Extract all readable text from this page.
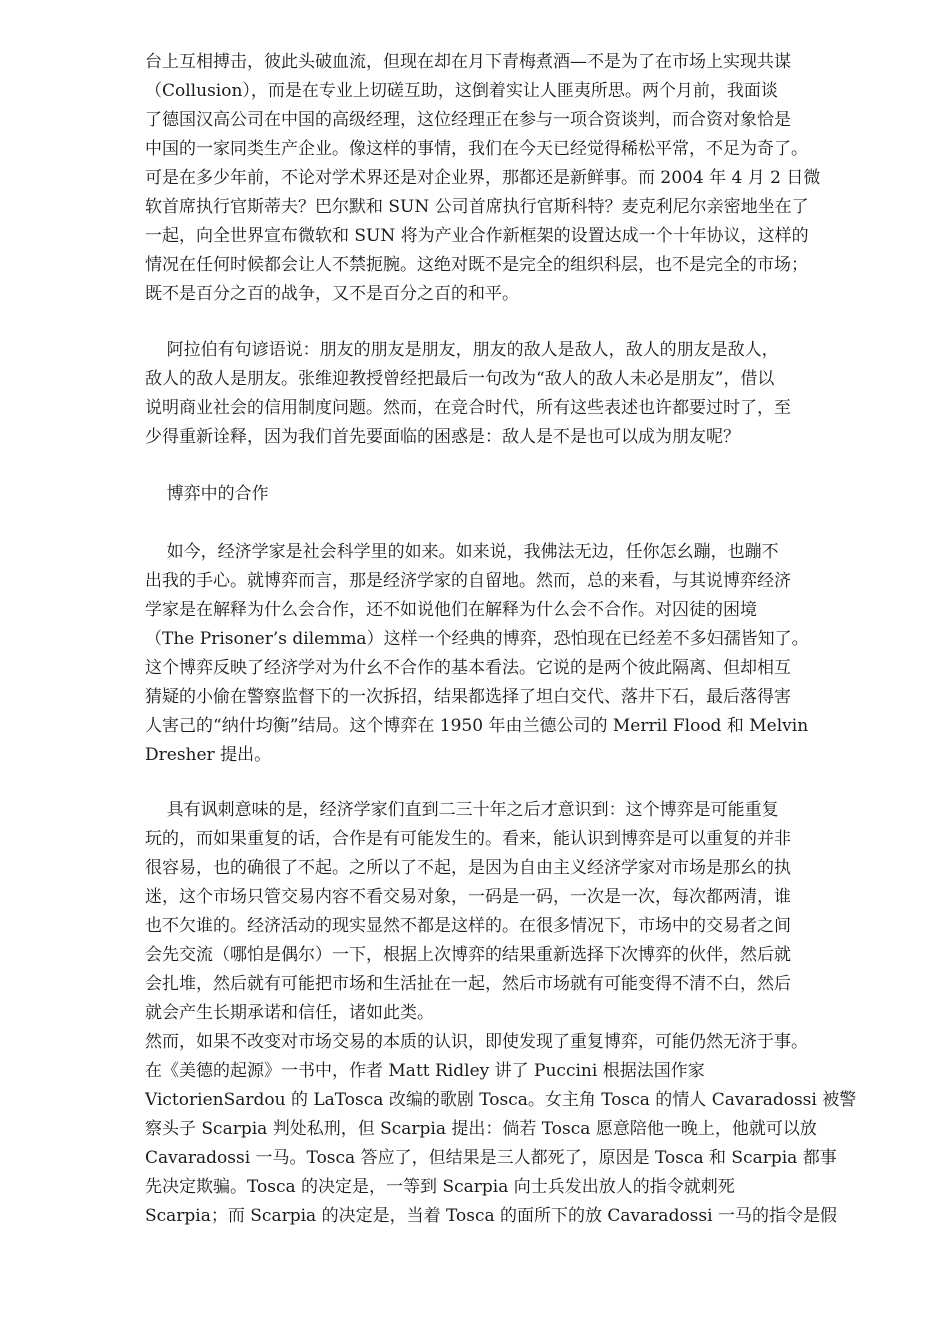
台上互相搏击，彼此头破血流，但现在却在月下青梅煮酒—不是为了在市场上实现共谋
（Collusion），而是在专业上切磋互助，这倒着实让人匪夷所思。两个月前，我面谈
了德国汉高公司在中国的高级经理，这位经理正在参与一项合资谈判，而合资对象恰是
中国的一家同类生产企业。像这样的事情，我们在今天已经觉得稀松平常，不足为奇了。
可是在多少年前，不论对学术界还是对企业界，那都还是新鲜事。而 2004 年 4 月 2 日微
软首席执行官斯蒂夫？巴尔默和 SUN 公司首席执行官斯科特？麦克利尼尔亲密地坐在了
一起，向全世界宣布微软和 SUN 将为产业合作新框架的设置达成一个十年协议，这样的
情况在任何时候都会让人不禁扼腕。这绝对既不是完全的组织科层，也不是完全的市场；
既不是百分之百的战争，又不是百分之百的和平。

阿拉伯有句谚语说：朋友的朋友是朋友，朋友的敌人是敌人，敌人的朋友是敌人，
敌人的敌人是朋友。张维迎教授曾经把最后一句改为“敌人的敌人未必是朋友”，借以
说明商业社会的信用制度问题。然而，在竞合时代，所有这些表述也许都要过时了，至
少得重新诠释，因为我们首先要面临的困惑是：敌人是不是也可以成为朋友呢？

博弈中的合作

如今，经济学家是社会科学里的如来。如来说，我佛法无边，任你怎幺蹦，也蹦不
出我的手心。就博弈而言，那是经济学家的自留地。然而，总的来看，与其说博弈经济
学家是在解释为什么会合作，还不如说他们在解释为什么会不合作。对囚徒的困境
（The Prisoner’s dilemma）这样一个经典的博弈，恐怕现在已经差不多妇孺皆知了。
这个博弈反映了经济学对为什幺不合作的基本看法。它说的是两个彼此隔离、但却相互
猜疑的小偷在警察监督下的一次拆招，结果都选择了坦白交代、落井下石，最后落得害
人害己的“纳什均衡”结局。这个博弈在 1950 年由兰德公司的 Merril Flood 和 Melvin
Dresher 提出。

具有讽刺意味的是，经济学家们直到二三十年之后才意识到：这个博弈是可能重复
玩的，而如果重复的话，合作是有可能发生的。看来，能认识到博弈是可以重复的并非
很容易，也的确很了不起。之所以了不起，是因为自由主义经济学家对市场是那幺的执
迷，这个市场只管交易内容不看交易对象，一码是一码，一次是一次，每次都两清，谁
也不欠谁的。经济活动的现实显然不都是这样的。在很多情况下，市场中的交易者之间
会先交流（哪怕是偶尔）一下，根据上次博弈的结果重新选择下次博弈的伙伴，然后就
会扎堆，然后就有可能把市场和生活扯在一起，然后市场就有可能变得不清不白，然后
就会产生长期承诺和信任，诸如此类。
然而，如果不改变对市场交易的本质的认识，即使发现了重复博弈，可能仍然无济于事。
在《美德的起源》一书中，作者 Matt Ridley 讲了 Puccini 根据法国作家
VictorienSardou 的 LaTosca 改编的歌剧 Tosca。女主角 Tosca 的情人 Cavaradossi 被警
察头子 Scarpia 判处私刑，但 Scarpia 提出：倘若 Tosca 愿意陪他一晚上，他就可以放
Cavaradossi 一马。Tosca 答应了，但结果是三人都死了，原因是 Tosca 和 Scarpia 都事
先决定欺骗。Tosca 的决定是，一等到 Scarpia 向士兵发出放人的指令就刺死
Scarpia；而 Scarpia 的决定是，当着 Tosca 的面所下的放 Cavaradossi 一马的指令是假
